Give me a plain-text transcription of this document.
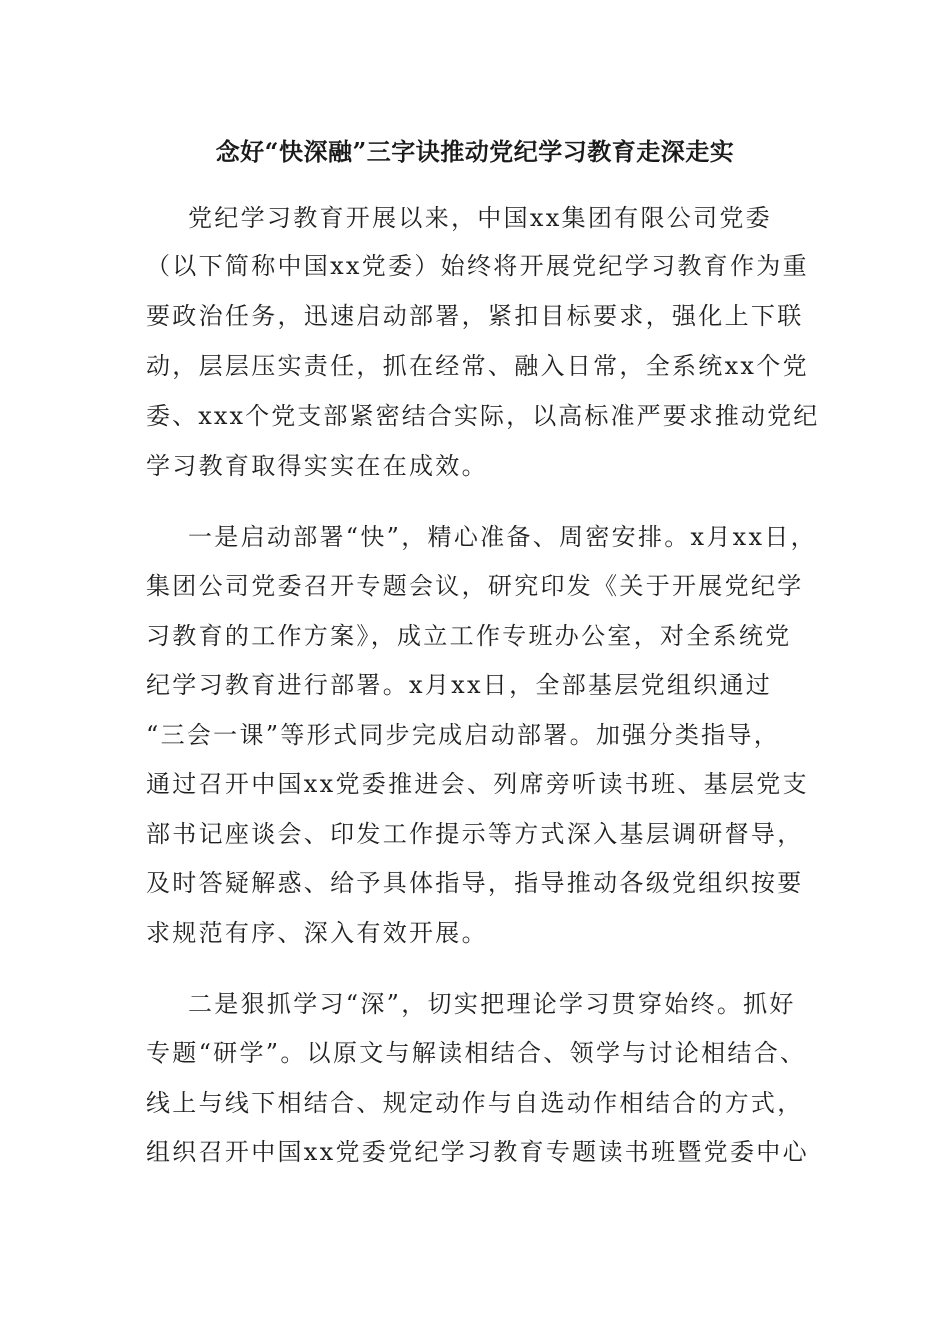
念好“快深融”三字诀推动党纪学习教育走深走实
党纪学习教育开展以来，中国xx集团有限公司党委
（以下简称中国xx党委）始终将开展党纪学习教育作为重
要政治任务，迅速启动部署，紧扣目标要求，强化上下联
动，层层压实责任，抓在经常、融入日常，全系统xx个党
委、xxx个党支部紧密结合实际，以高标准严要求推动党纪
学习教育取得实实在在成效。
一是启动部署“快”，精心准备、周密安排。x月xx日，
集团公司党委召开专题会议，研究印发《关于开展党纪学
习教育的工作方案》，成立工作专班办公室，对全系统党
纪学习教育进行部署。x月xx日，全部基层党组织通过
“三会一课”等形式同步完成启动部署。加强分类指导，
通过召开中国xx党委推进会、列席旁听读书班、基层党支
部书记座谈会、印发工作提示等方式深入基层调研督导，
及时答疑解惑、给予具体指导，指导推动各级党组织按要
求规范有序、深入有效开展。
二是狠抓学习“深”，切实把理论学习贯穿始终。抓好
专题“研学”。以原文与解读相结合、领学与讨论相结合、
线上与线下相结合、规定动作与自选动作相结合的方式，
组织召开中国xx党委党纪学习教育专题读书班暨党委中心
